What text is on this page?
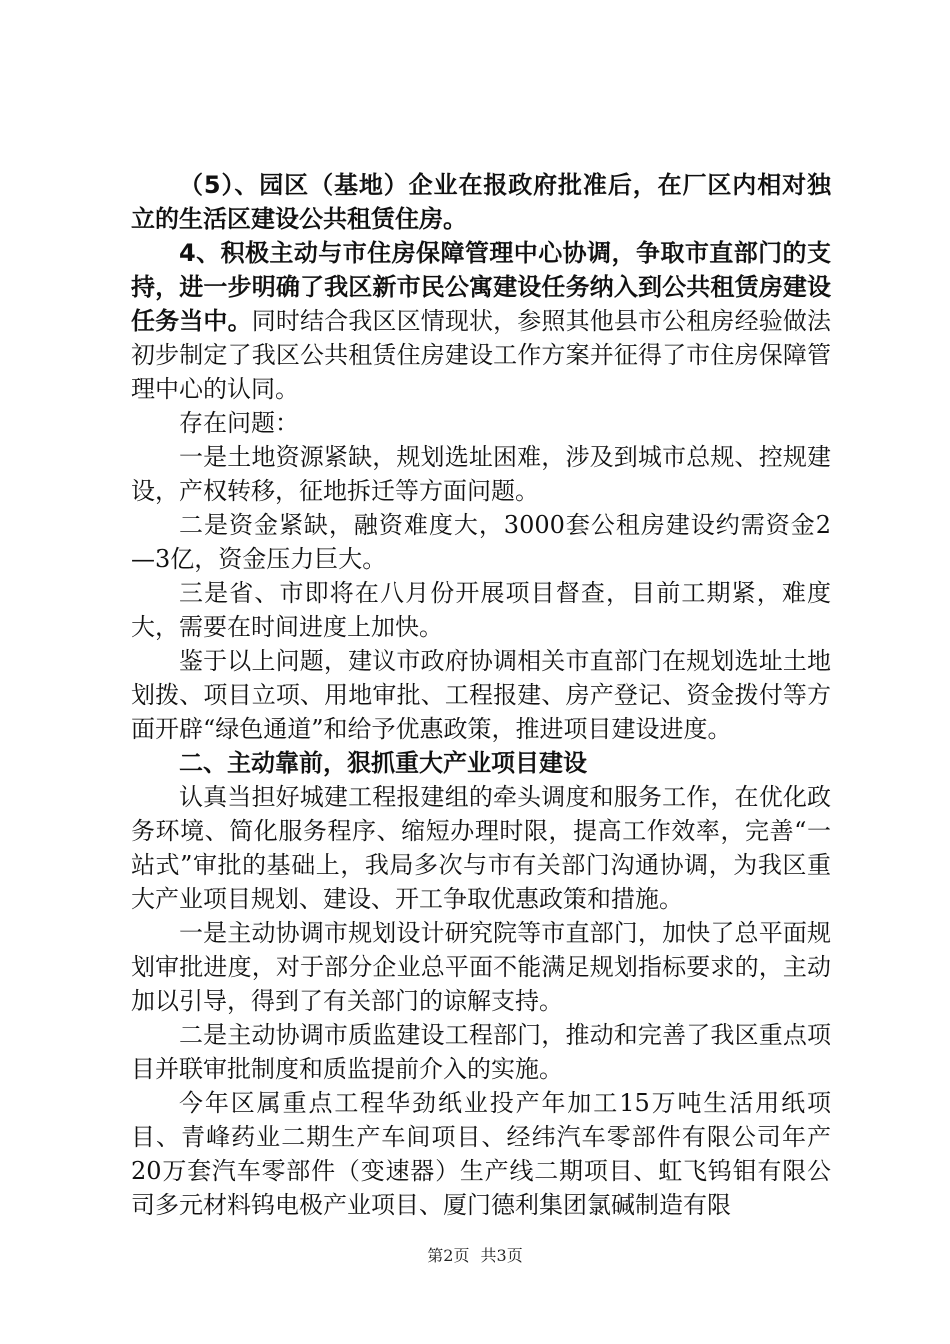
（5）、园区（基地）企业在报政府批准后，在厂区内相对独立的生活区建设公共租赁住房。

4、积极主动与市住房保障管理中心协调，争取市直部门的支持，进一步明确了我区新市民公寓建设任务纳入到公共租赁房建设任务当中。同时结合我区区情现状，参照其他县市公租房经验做法初步制定了我区公共租赁住房建设工作方案并征得了市住房保障管理中心的认同。

存在问题：

一是土地资源紧缺，规划选址困难，涉及到城市总规、控规建设，产权转移，征地拆迁等方面问题。

二是资金紧缺，融资难度大，3000套公租房建设约需资金2—3亿，资金压力巨大。

三是省、市即将在八月份开展项目督查，目前工期紧，难度大，需要在时间进度上加快。

鉴于以上问题，建议市政府协调相关市直部门在规划选址土地划拨、项目立项、用地审批、工程报建、房产登记、资金拨付等方面开辟“绿色通道”和给予优惠政策，推进项目建设进度。

二、主动靠前，狠抓重大产业项目建设

认真当担好城建工程报建组的牵头调度和服务工作，在优化政务环境、简化服务程序、缩短办理时限，提高工作效率，完善“一站式”审批的基础上，我局多次与市有关部门沟通协调，为我区重大产业项目规划、建设、开工争取优惠政策和措施。

一是主动协调市规划设计研究院等市直部门，加快了总平面规划审批进度，对于部分企业总平面不能满足规划指标要求的，主动加以引导，得到了有关部门的谅解支持。

二是主动协调市质监建设工程部门，推动和完善了我区重点项目并联审批制度和质监提前介入的实施。

今年区属重点工程华劲纸业投产年加工15万吨生活用纸项目、青峰药业二期生产车间项目、经纬汽车零部件有限公司年产20万套汽车零部件（变速器）生产线二期项目、虹飞钨钼有限公司多元材料钨电极产业项目、厦门德利集团氯碱制造有限

第2页 共3页
